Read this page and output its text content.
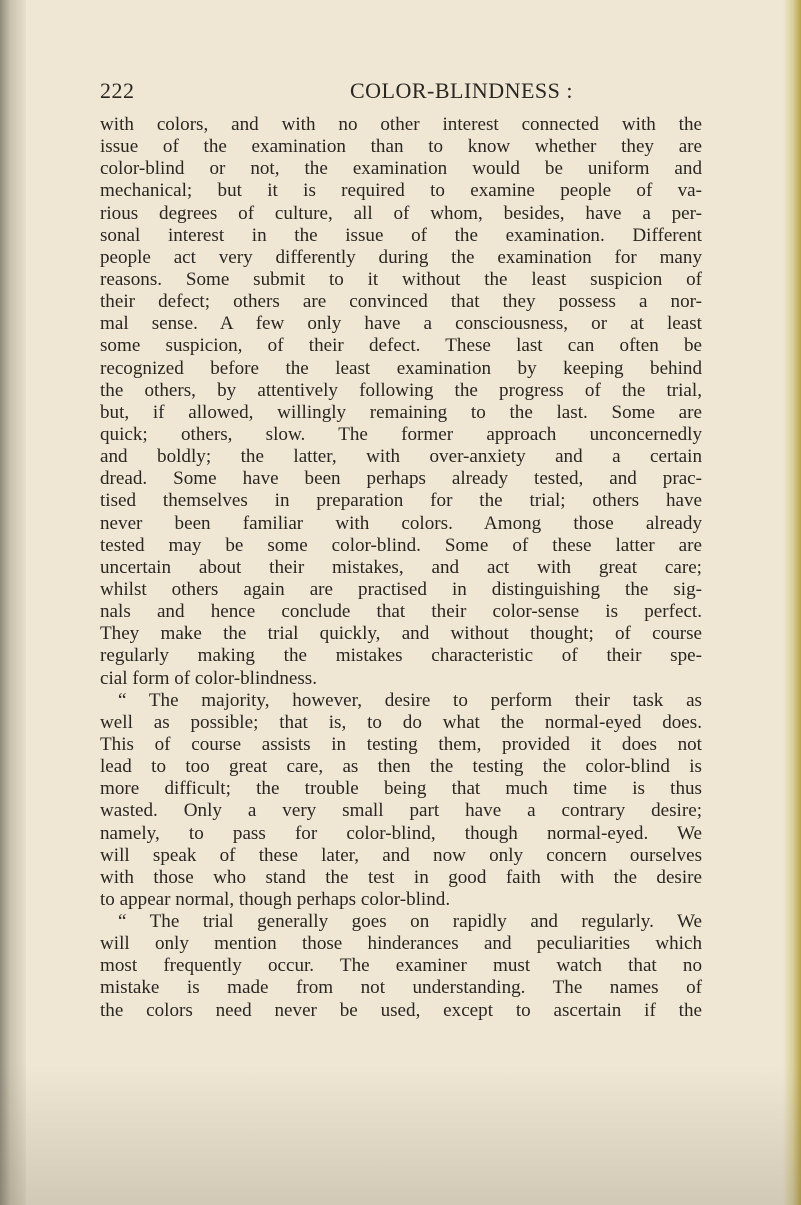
222	COLOR-BLINDNESS :
with colors, and with no other interest connected with the
issue of the examination than to know whether they are
color-blind or not, the examination would be uniform and
mechanical; but it is required to examine people of va-
rious degrees of culture, all of whom, besides, have a per-
sonal interest in the issue of the examination. Different
people act very differently during the examination for many
reasons. Some submit to it without the least suspicion of
their defect; others are convinced that they possess a nor-
mal sense. A few only have a consciousness, or at least
some suspicion, of their defect. These last can often be
recognized before the least examination by keeping behind
the others, by attentively following the progress of the trial,
but, if allowed, willingly remaining to the last. Some are
quick; others, slow. The former approach unconcernedly
and boldly; the latter, with over-anxiety and a certain
dread. Some have been perhaps already tested, and prac-
tised themselves in preparation for the trial; others have
never been familiar with colors. Among those already
tested may be some color-blind. Some of these latter are
uncertain about their mistakes, and act with great care;
whilst others again are practised in distinguishing the sig-
nals and hence conclude that their color-sense is perfect.
They make the trial quickly, and without thought; of course
regularly making the mistakes characteristic of their spe-
cial form of color-blindness.
“ The majority, however, desire to perform their task as
well as possible; that is, to do what the normal-eyed does.
This of course assists in testing them, provided it does not
lead to too great care, as then the testing the color-blind is
more difficult; the trouble being that much time is thus
wasted. Only a very small part have a contrary desire;
namely, to pass for color-blind, though normal-eyed. We
will speak of these later, and now only concern ourselves
with those who stand the test in good faith with the desire
to appear normal, though perhaps color-blind.
“ The trial generally goes on rapidly and regularly. We
will only mention those hinderances and peculiarities which
most frequently occur. The examiner must watch that no
mistake is made from not understanding. The names of
the colors need never be used, except to ascertain if the
